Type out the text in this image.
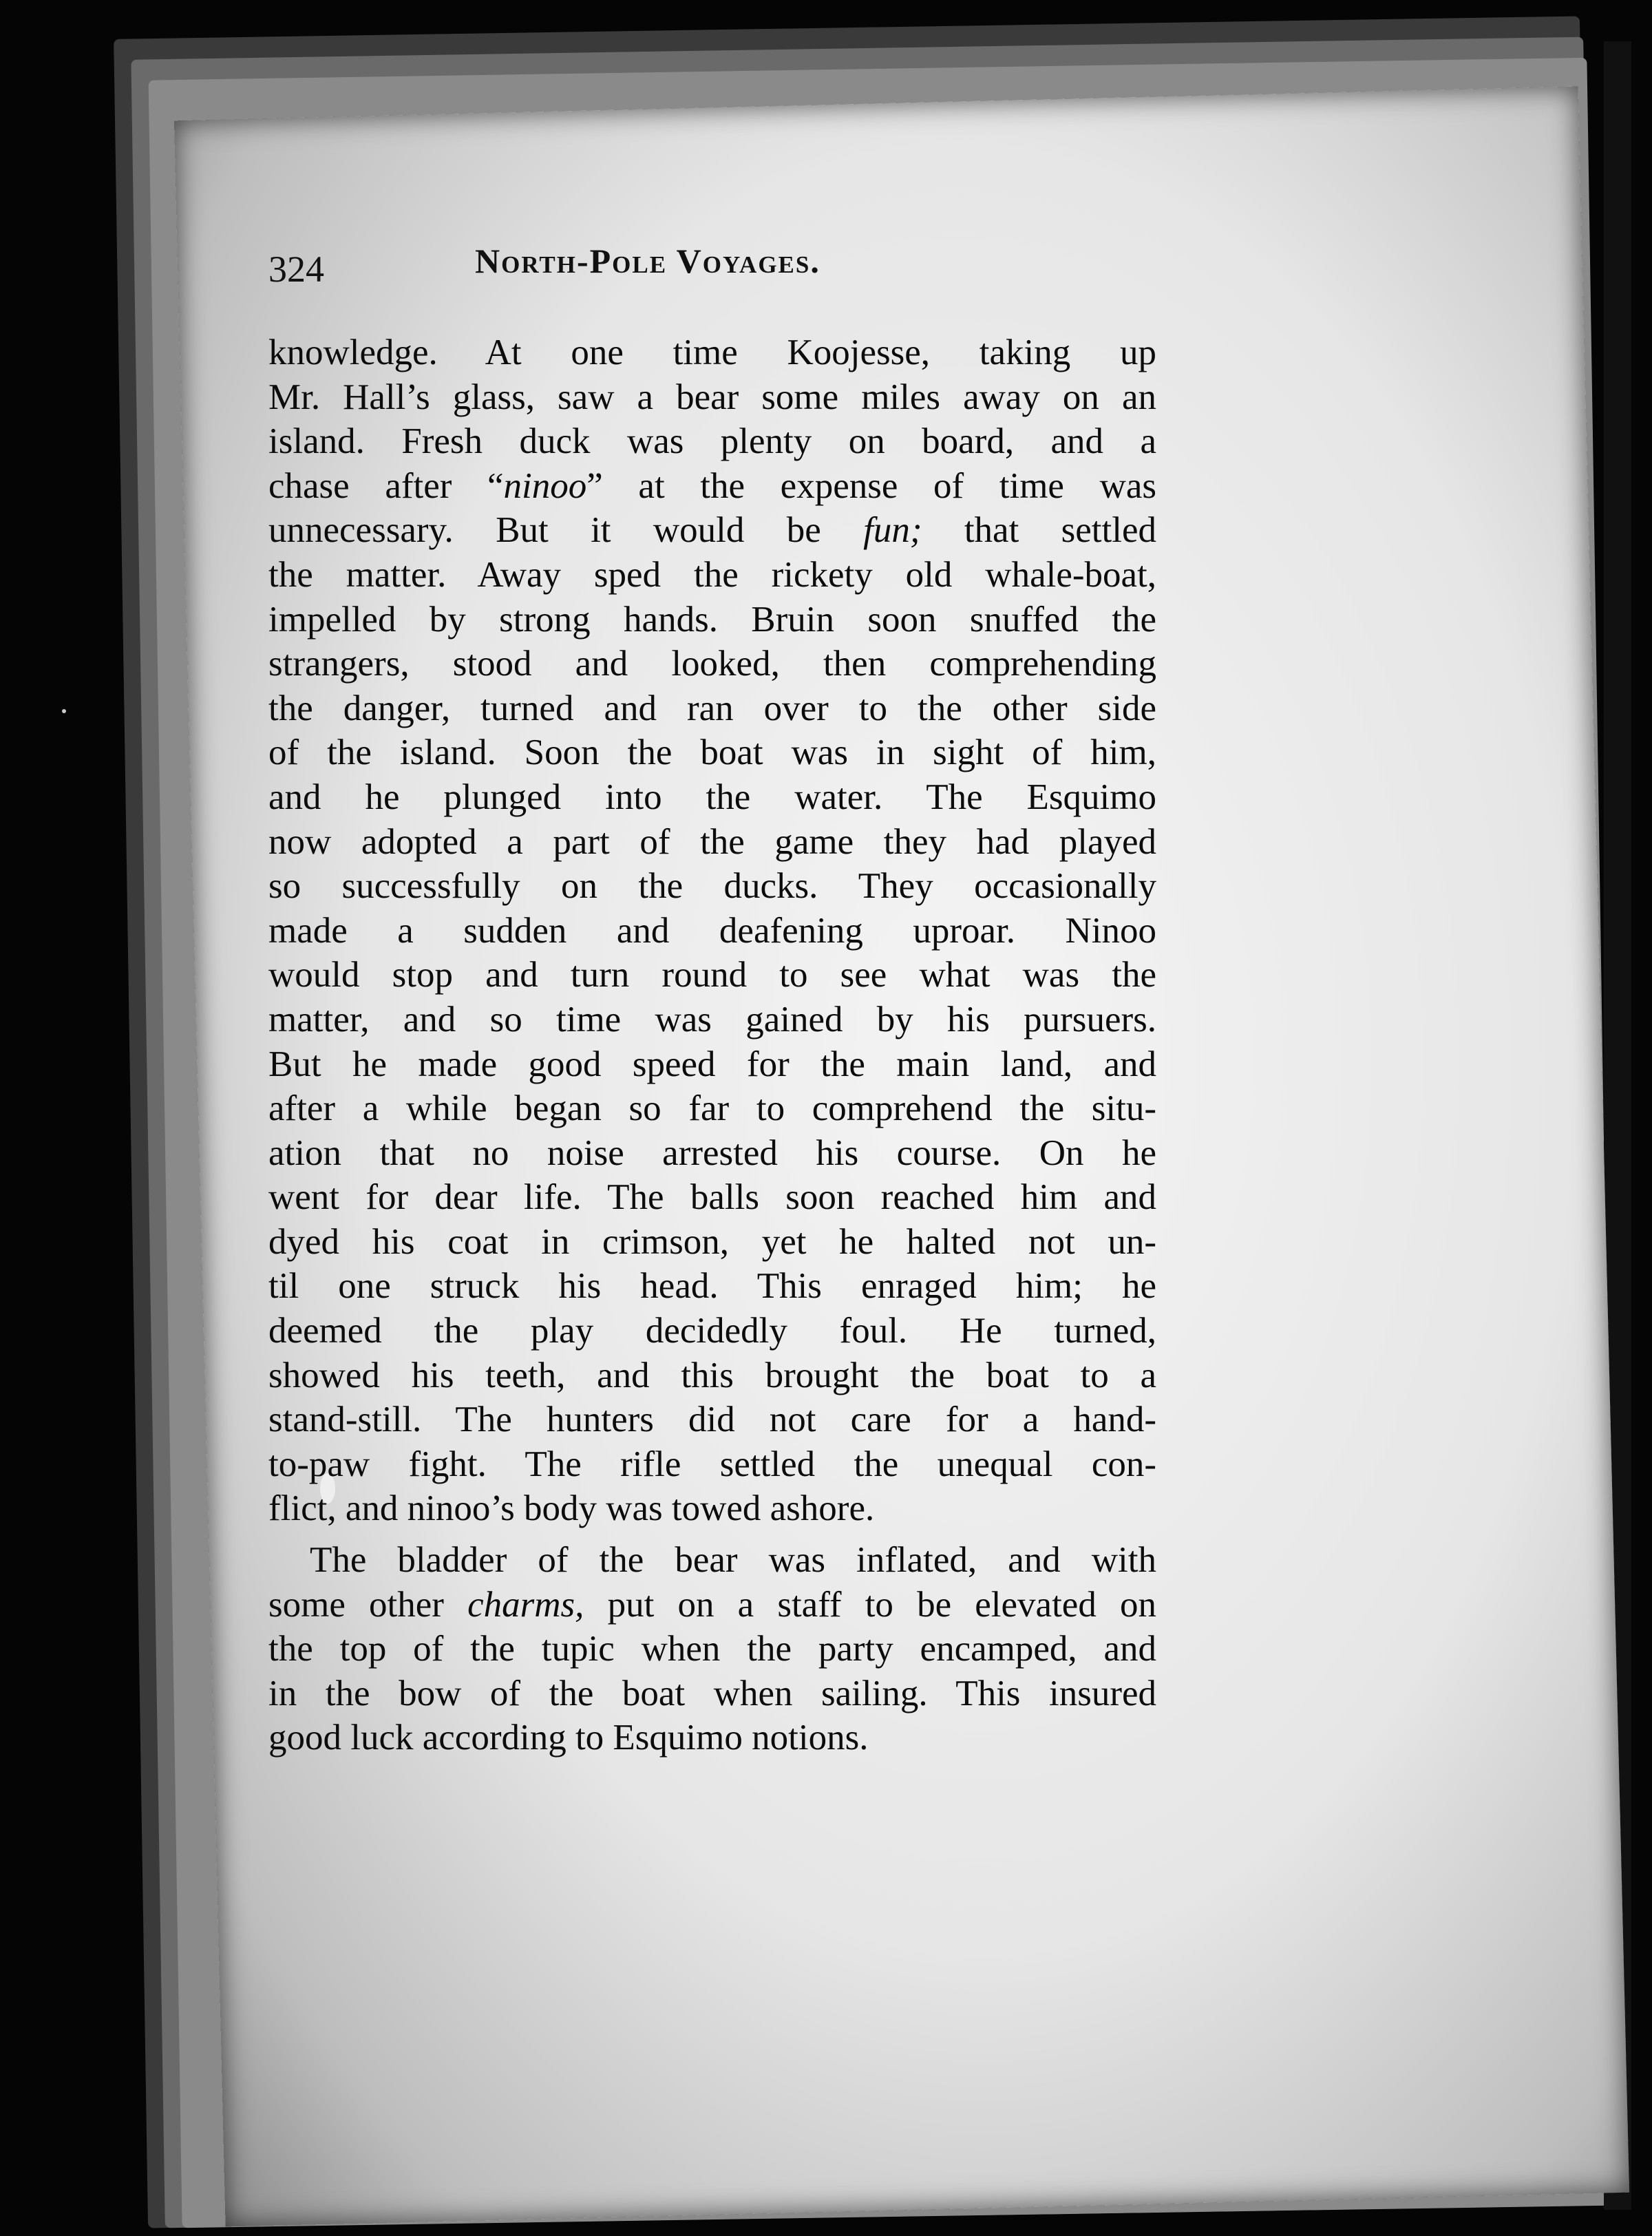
324	North-Pole Voyages.
knowledge. At one time Koojesse, taking up
Mr. Hall’s glass, saw a bear some miles away on an
island. Fresh duck was plenty on board, and a
chase after “ninoo” at the expense of time was
unnecessary. But it would be fun; that settled
the matter. Away sped the rickety old whale-boat,
impelled by strong hands. Bruin soon snuffed the
strangers, stood and looked, then comprehending
the danger, turned and ran over to the other side
of the island. Soon the boat was in sight of him,
and he plunged into the water. The Esquimo
now adopted a part of the game they had played
so successfully on the ducks. They occasionally
made a sudden and deafening uproar. Ninoo
would stop and turn round to see what was the
matter, and so time was gained by his pursuers.
But he made good speed for the main land, and
after a while began so far to comprehend the situ-
ation that no noise arrested his course. On he
went for dear life. The balls soon reached him and
dyed his coat in crimson, yet he halted not un-
til one struck his head. This enraged him; he
deemed the play decidedly foul. He turned,
showed his teeth, and this brought the boat to a
stand-still. The hunters did not care for a hand-
to-paw fight. The rifle settled the unequal con-
flict, and ninoo’s body was towed ashore.
The bladder of the bear was inflated, and with
some other charms, put on a staff to be elevated on
the top of the tupic when the party encamped, and
in the bow of the boat when sailing. This insured
good luck according to Esquimo notions.
